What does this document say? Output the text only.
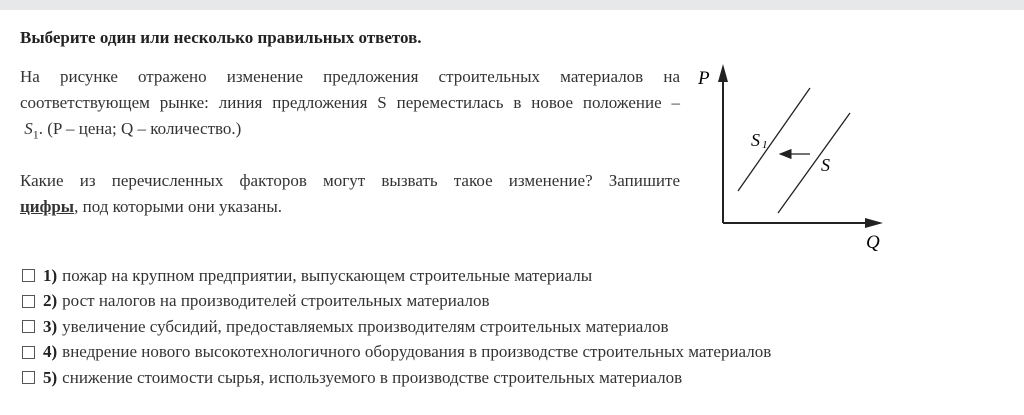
Выберите один или несколько правильных ответов.
На рисунке отражено изменение предложения строительных материалов на
соответствующем рынке: линия предложения S переместилась в новое положение –
$S_1$. (P – цена; Q – количество.)
Какие из перечисленных факторов могут вызвать такое изменение? Запишите
цифры, под которыми они указаны.
P
Q
S 1
S
1) пожар на крупном предприятии, выпускающем строительные материалы
2) рост налогов на производителей строительных материалов
3) увеличение субсидий, предоставляемых производителям строительных материалов
4) внедрение нового высокотехнологичного оборудования в производстве строительных материалов
5) снижение стоимости сырья, используемого в производстве строительных материалов
